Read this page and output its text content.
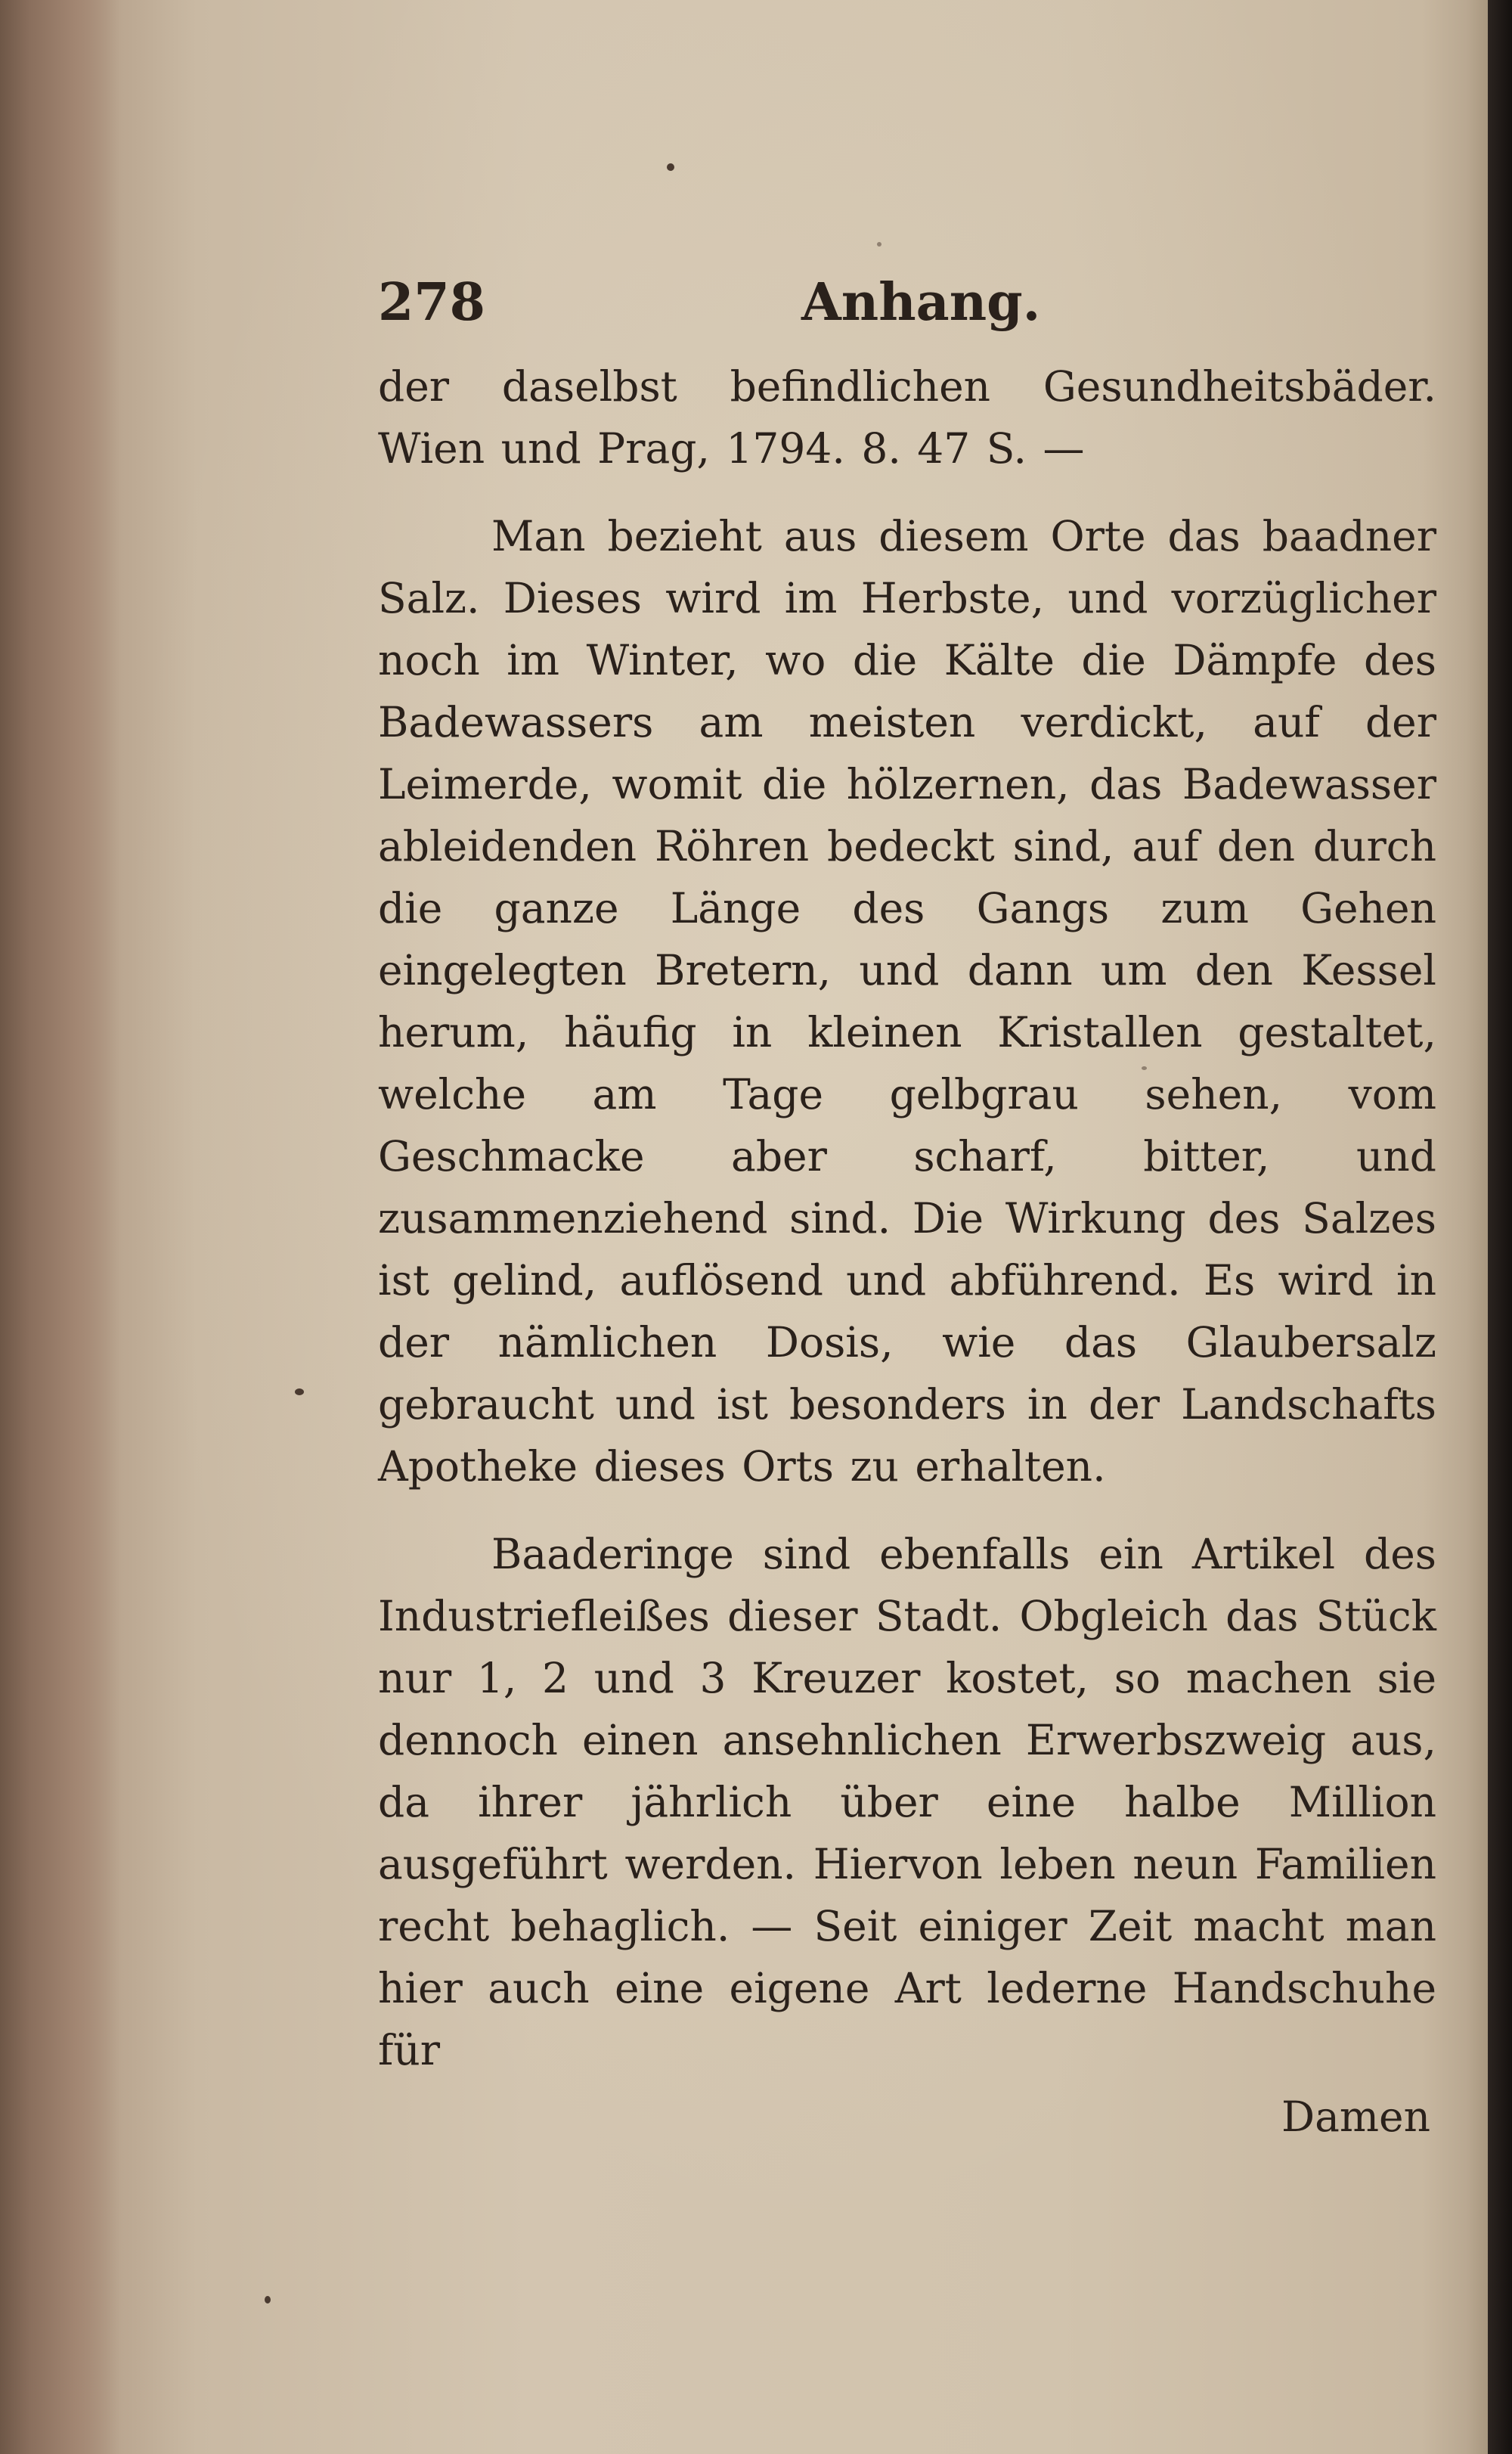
278	Anhang.

der daselbst befindlichen Gesundheitsbäder. Wien und Prag, 1794. 8. 47 S. —

Man bezieht aus diesem Orte das baadner Salz. Dieses wird im Herbste, und vorzüglicher noch im Winter, wo die Kälte die Dämpfe des Badewassers am meisten verdickt, auf der Leimerde, womit die hölzernen, das Badewasser ableidenden Röhren bedeckt sind, auf den durch die ganze Länge des Gangs zum Gehen eingelegten Bretern, und dann um den Kessel herum, häufig in kleinen Kristallen gestaltet, welche am Tage gelbgrau sehen, vom Geschmacke aber scharf, bitter, und zusammenziehend sind. Die Wirkung des Salzes ist gelind, auflösend und abführend. Es wird in der nämlichen Dosis, wie das Glaubersalz gebraucht und ist besonders in der Landschafts Apotheke dieses Orts zu erhalten.

Baaderinge sind ebenfalls ein Artikel des Industriefleißes dieser Stadt. Obgleich das Stück nur 1, 2 und 3 Kreuzer kostet, so machen sie dennoch einen ansehnlichen Erwerbszweig aus, da ihrer jährlich über eine halbe Million ausgeführt werden. Hiervon leben neun Familien recht behaglich. — Seit einiger Zeit macht man hier auch eine eigene Art lederne Handschuhe für

Damen
